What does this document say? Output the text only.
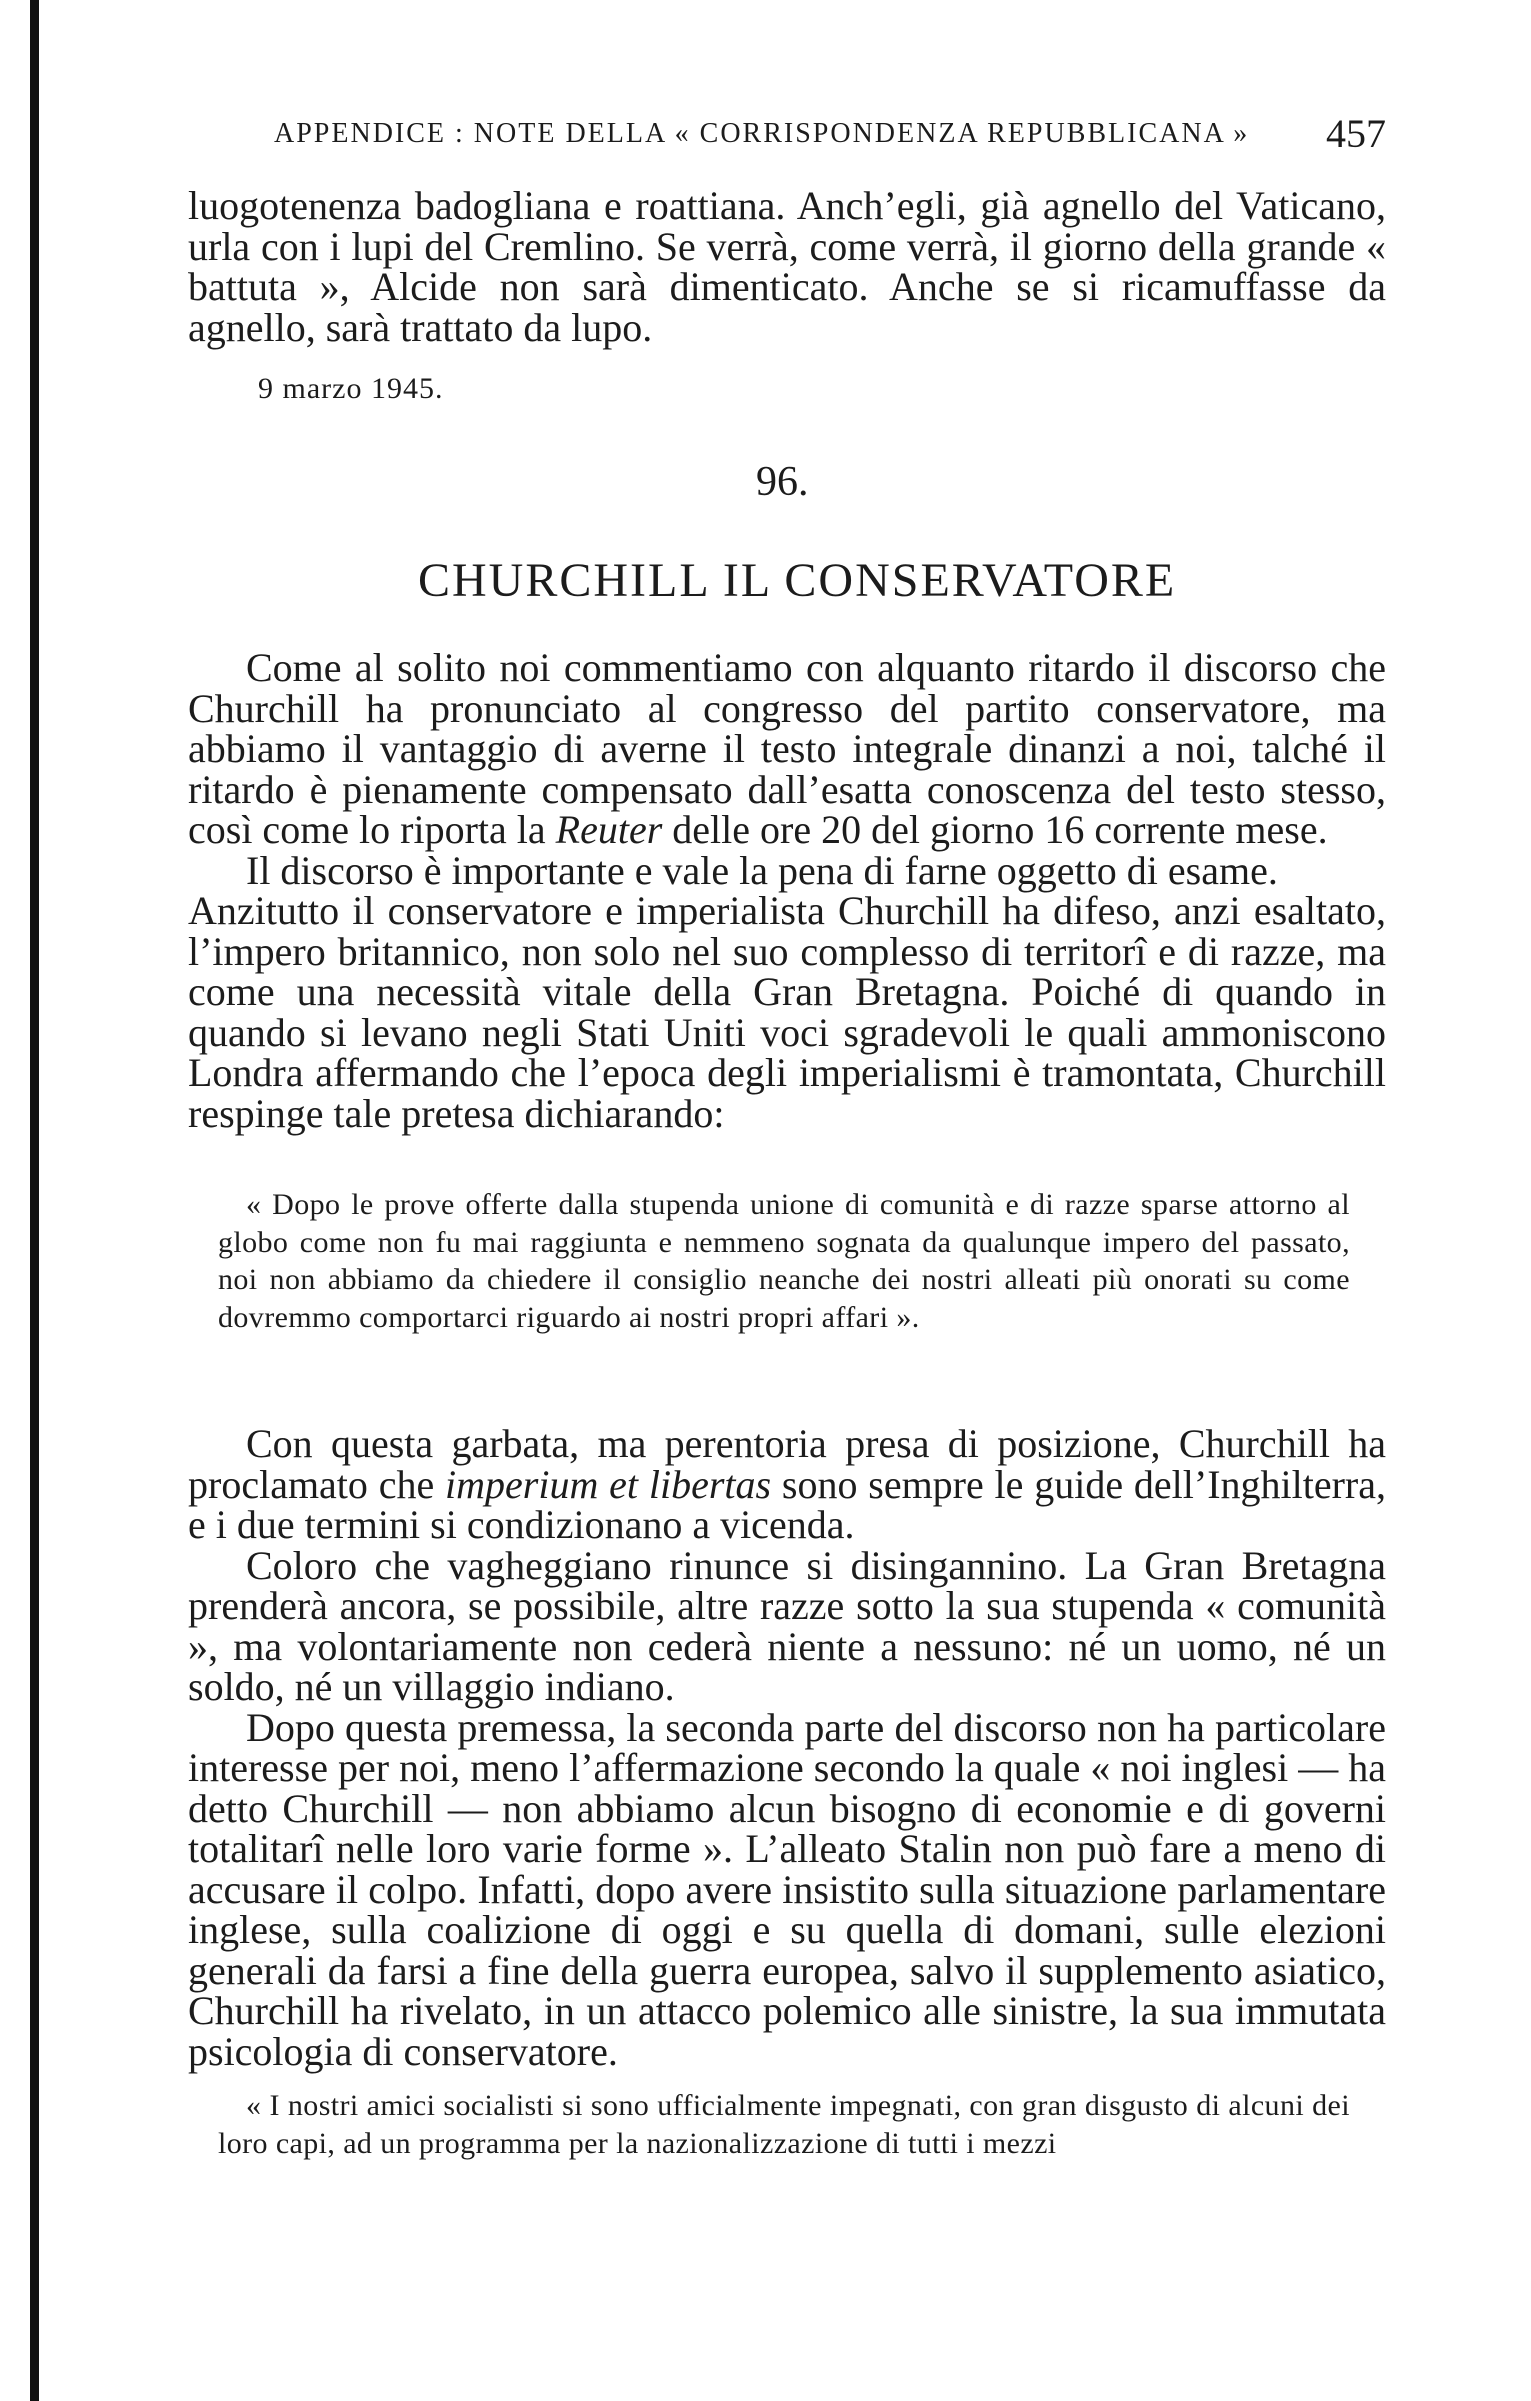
APPENDICE : NOTE DELLA « CORRISPONDENZA REPUBBLICANA » 457

luogotenenza badogliana e roattiana. Anch’egli, già agnello del Vaticano, urla con i lupi del Cremlino. Se verrà, come verrà, il giorno della grande « battuta », Alcide non sarà dimenticato. Anche se si ricamuffasse da agnello, sarà trattato da lupo.

9 marzo 1945.
96.
CHURCHILL IL CONSERVATORE

Come al solito noi commentiamo con alquanto ritardo il discorso che Churchill ha pronunciato al congresso del partito conservatore, ma abbiamo il vantaggio di averne il testo integrale dinanzi a noi, talché il ritardo è pienamente compensato dall’esatta conoscenza del testo stesso, così come lo riporta la Reuter delle ore 20 del giorno 16 corrente mese.

Il discorso è importante e vale la pena di farne oggetto di esame.

Anzitutto il conservatore e imperialista Churchill ha difeso, anzi esaltato, l’impero britannico, non solo nel suo complesso di territorî e di razze, ma come una necessità vitale della Gran Bretagna. Poiché di quando in quando si levano negli Stati Uniti voci sgradevoli le quali ammoniscono Londra affermando che l’epoca degli imperialismi è tramontata, Churchill respinge tale pretesa dichiarando:

« Dopo le prove offerte dalla stupenda unione di comunità e di razze sparse attorno al globo come non fu mai raggiunta e nemmeno sognata da qualunque impero del passato, noi non abbiamo da chiedere il consiglio neanche dei nostri alleati più onorati su come dovremmo comportarci riguardo ai nostri propri affari ».

Con questa garbata, ma perentoria presa di posizione, Churchill ha proclamato che imperium et libertas sono sempre le guide dell’Inghilterra, e i due termini si condizionano a vicenda.

Coloro che vagheggiano rinunce si disingannino. La Gran Bretagna prenderà ancora, se possibile, altre razze sotto la sua stupenda « comunità », ma volontariamente non cederà niente a nessuno: né un uomo, né un soldo, né un villaggio indiano.

Dopo questa premessa, la seconda parte del discorso non ha particolare interesse per noi, meno l’affermazione secondo la quale « noi inglesi — ha detto Churchill — non abbiamo alcun bisogno di economie e di governi totalitarî nelle loro varie forme ». L’alleato Stalin non può fare a meno di accusare il colpo. Infatti, dopo avere insistito sulla situazione parlamentare inglese, sulla coalizione di oggi e su quella di domani, sulle elezioni generali da farsi a fine della guerra europea, salvo il supplemento asiatico, Churchill ha rivelato, in un attacco polemico alle sinistre, la sua immutata psicologia di conservatore.

« I nostri amici socialisti si sono ufficialmente impegnati, con gran disgusto di alcuni dei loro capi, ad un programma per la nazionalizzazione di tutti i mezzi
